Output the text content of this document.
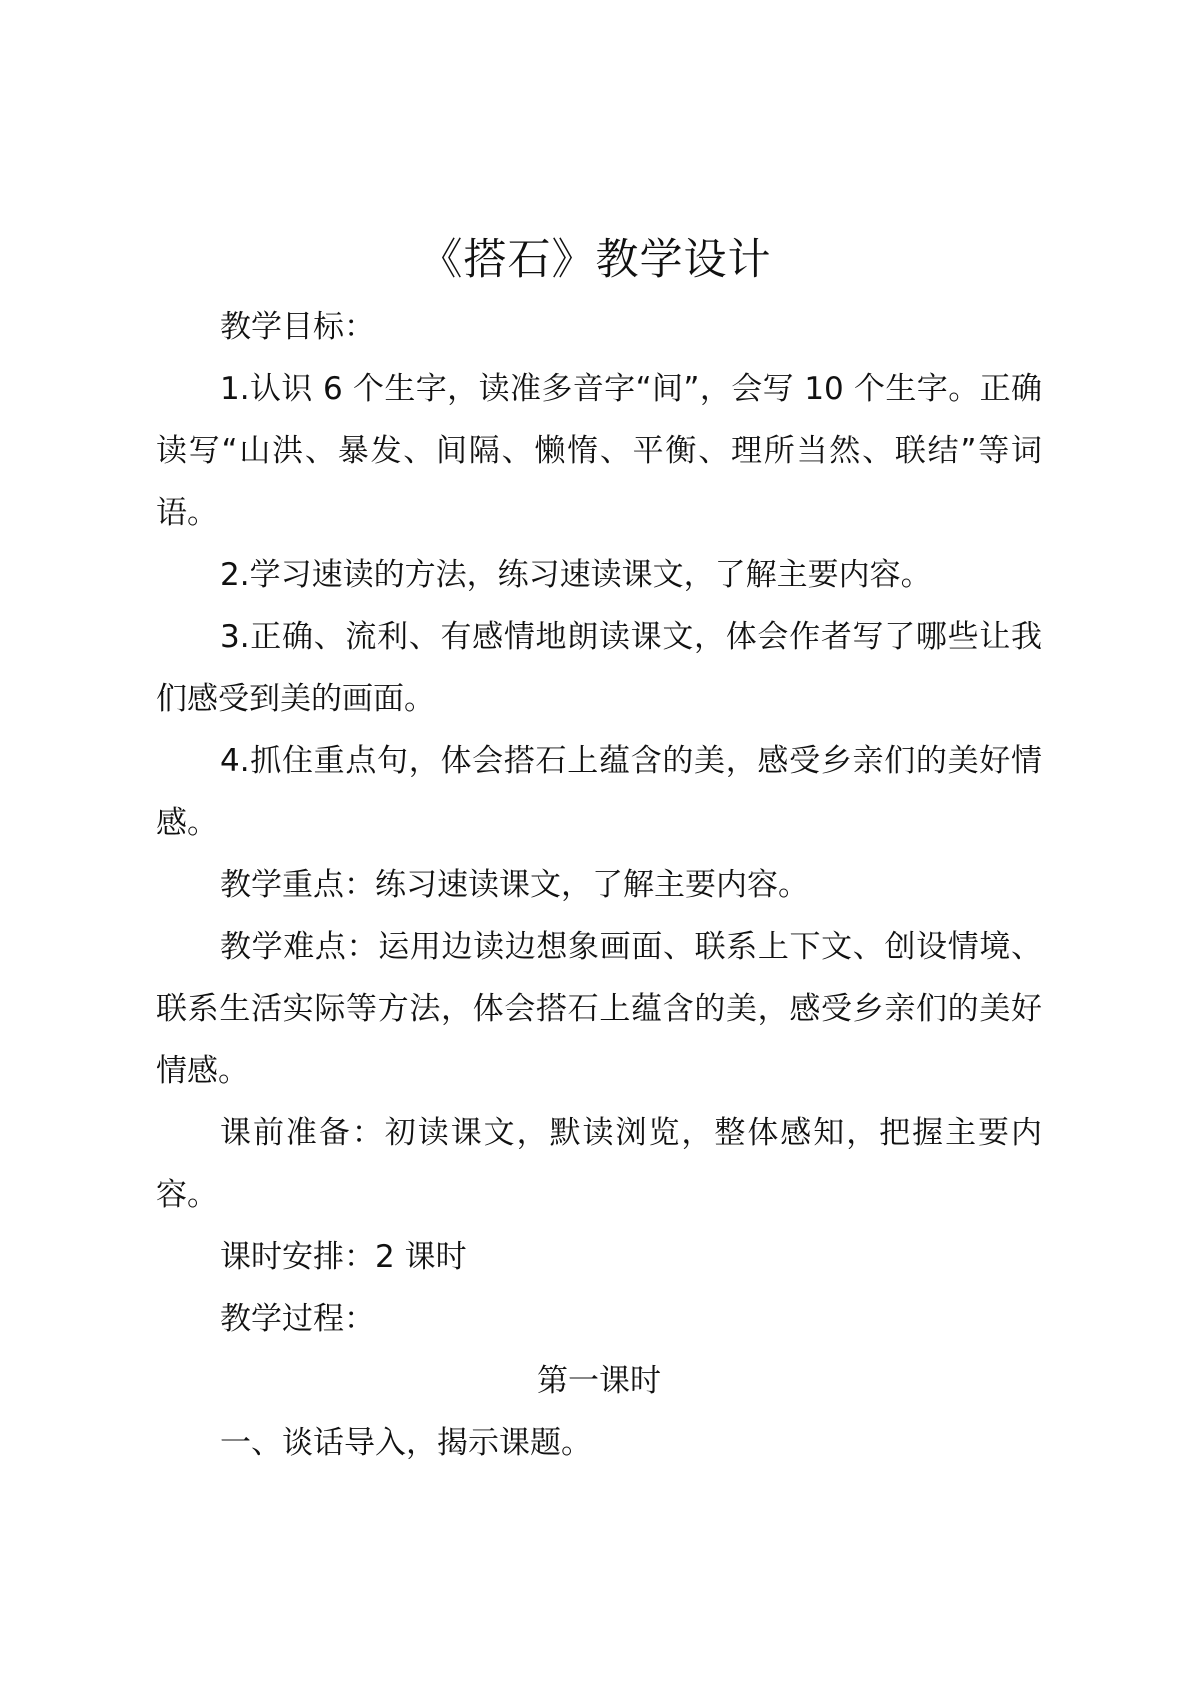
《搭石》教学设计

教学目标：

1.认识 6 个生字，读准多音字“间”，会写 10 个生字。正确读写“山洪、暴发、间隔、懒惰、平衡、理所当然、联结”等词语。

2.学习速读的方法，练习速读课文，了解主要内容。

3.正确、流利、有感情地朗读课文，体会作者写了哪些让我们感受到美的画面。

4.抓住重点句，体会搭石上蕴含的美，感受乡亲们的美好情感。

教学重点：练习速读课文，了解主要内容。

教学难点：运用边读边想象画面、联系上下文、创设情境、联系生活实际等方法，体会搭石上蕴含的美，感受乡亲们的美好情感。

课前准备：初读课文，默读浏览，整体感知，把握主要内容。

课时安排：2 课时

教学过程：

第一课时

一、谈话导入，揭示课题。
